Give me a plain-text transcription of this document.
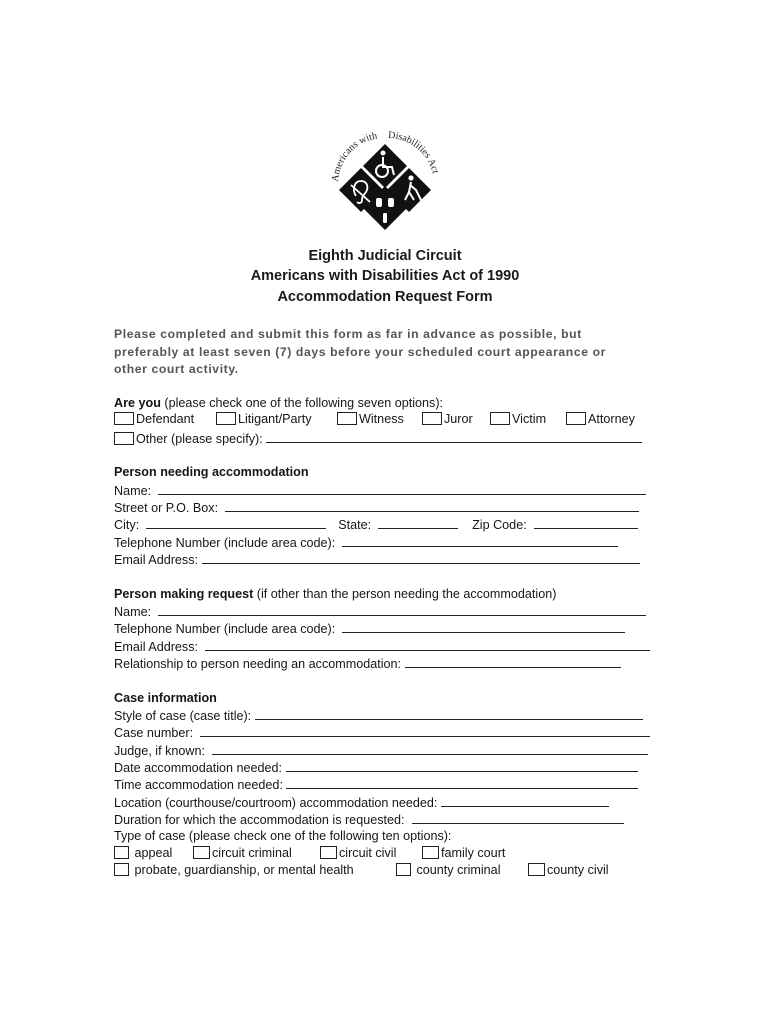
Americans with Disabilities Act
Eighth Judicial Circuit
Americans with Disabilities Act of 1990
Accommodation Request Form
Please completed and submit this form as far in advance as possible, but
preferably at least seven (7) days before your scheduled court appearance or
other court activity.
Are you (please check one of the following seven options):
Defendant	Litigant/Party	Witness	Juror	Victim	Attorney
Other (please specify):
Person needing accommodation
Name:
Street or P.O. Box:
City:	State:	Zip Code:
Telephone Number (include area code):
Email Address:
Person making request (if other than the person needing the accommodation)
Name:
Telephone Number (include area code):
Email Address:
Relationship to person needing an accommodation:
Case information
Style of case (case title):
Case number:
Judge, if known:
Date accommodation needed:
Time accommodation needed:
Location (courthouse/courtroom) accommodation needed:
Duration for which the accommodation is requested:
Type of case (please check one of the following ten options):
appeal	circuit criminal	circuit civil	family court
probate, guardianship, or mental health	county criminal	county civil
